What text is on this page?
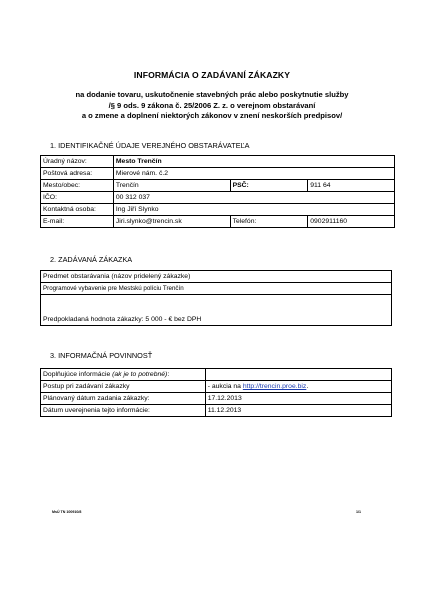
INFORMÁCIA O ZADÁVANÍ ZÁKAZKY
na dodanie tovaru, uskutočnenie stavebných prác alebo poskytnutie služby
/§ 9 ods. 9 zákona č. 25/2006 Z. z. o verejnom obstarávaní
a o zmene a doplnení niektorých zákonov v znení neskorších predpisov/
1. IDENTIFIKAČNÉ ÚDAJE VEREJNÉHO OBSTARÁVATEĽA
Úradný názov:	Mesto Trenčín		
Poštová adresa:	Mierové nám. č.2		
Mesto/obec:	Trenčín	PSČ:	911 64
IČO:	00 312 037		
Kontaktná osoba:	Ing Jiří Slynko		
E-mail:	Jiri.slynko@trencin.sk	Telefón:	0902911160
2. ZADÁVANÁ ZÁKAZKA
Predmet obstarávania (názov pridelený zákazke)
Programové vybavenie pre Mestskú políciu Trenčín
Predpokladaná hodnota zákazky: 5 000 - € bez DPH
3. INFORMAČNÁ POVINNOSŤ
Doplňujúce informácie (ak je to potrebné):	
Postup pri zadávaní zákazky	- aukcia na http://trencin.proe.biz.
Plánovaný dátum zadania zákazky:	17.12.2013
Dátum uverejnenia tejto informácie:	11.12.2013
MsÚ TN 100910/8	1/1
